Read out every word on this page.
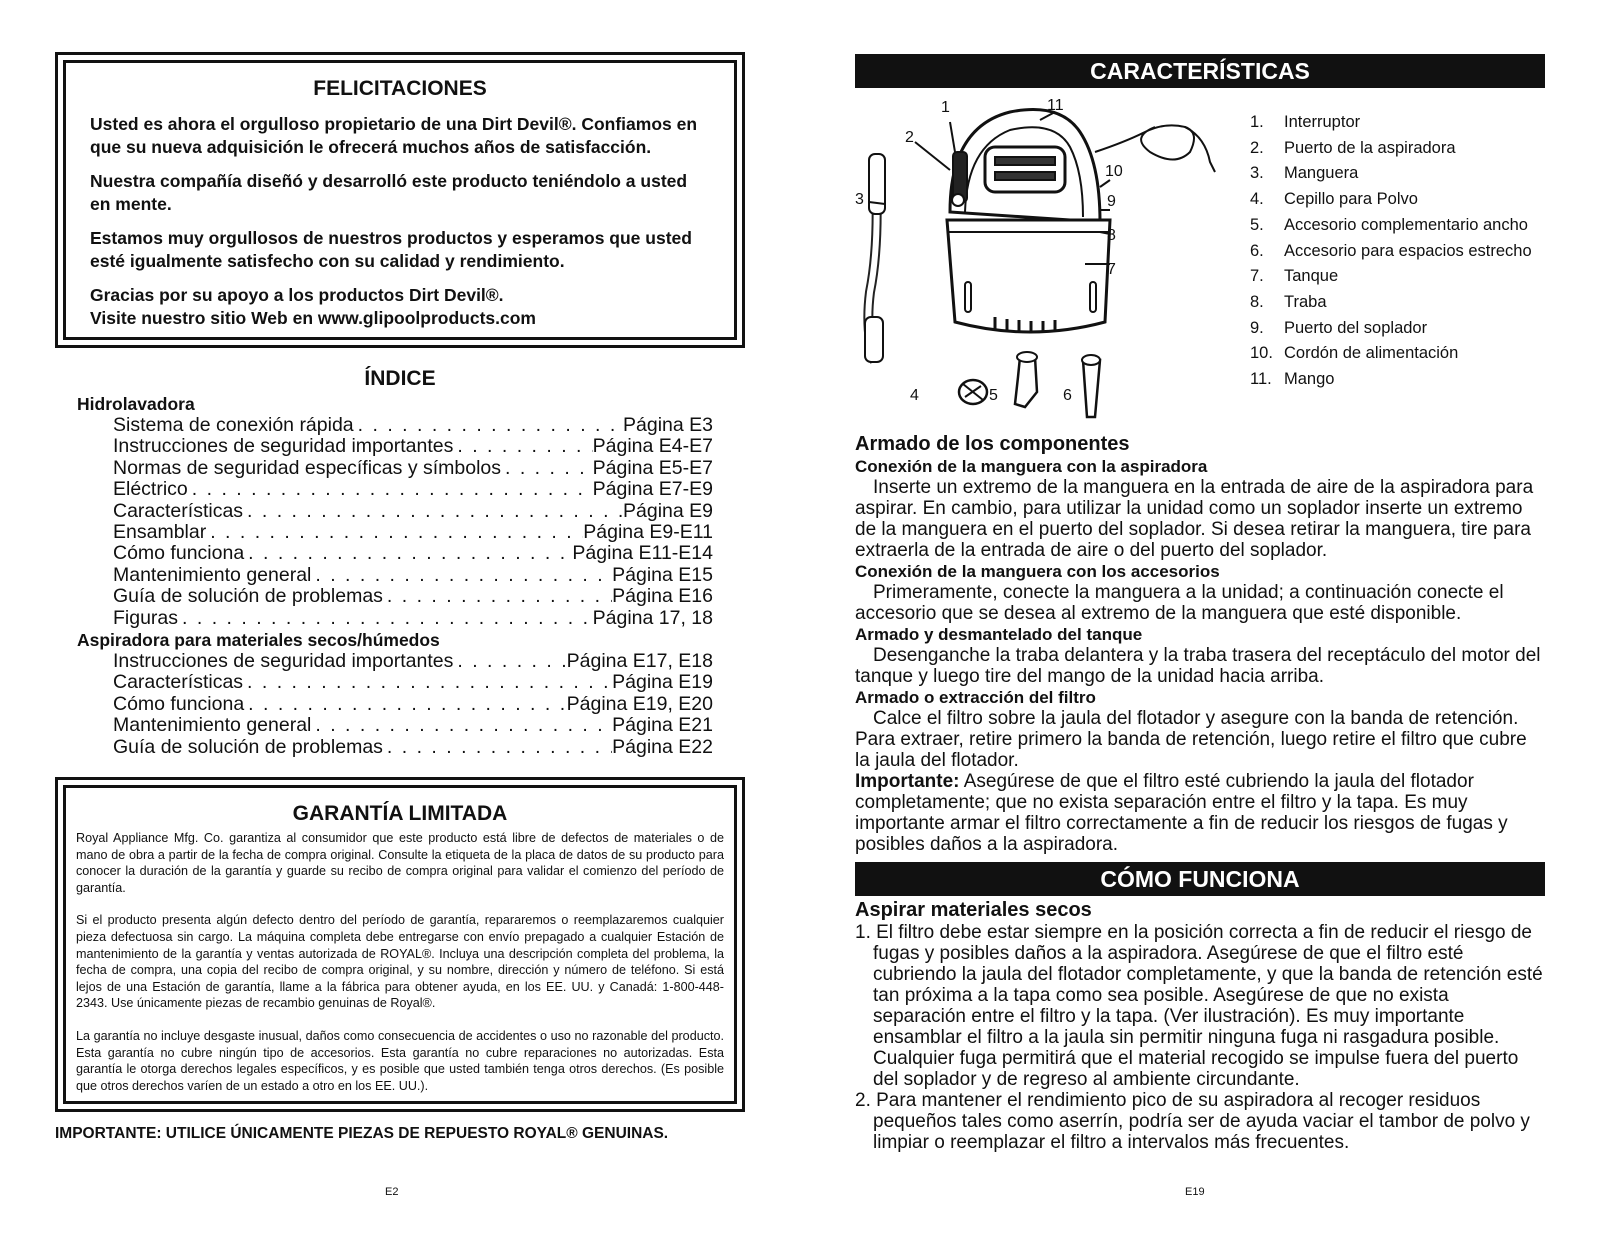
FELICITACIONES

Usted es ahora el orgulloso propietario de una Dirt Devil®. Confiamos en que su nueva adquisición le ofrecerá muchos años de satisfacción.

Nuestra compañía diseñó y desarrolló este producto teniéndolo a usted en mente.

Estamos muy orgullosos de nuestros productos y esperamos que usted esté igualmente satisfecho con su calidad y rendimiento.

Gracias por su apoyo a los productos Dirt Devil®.
Visite nuestro sitio Web en www.glipoolproducts.com

ÍNDICE
Hidrolavadora
Sistema de conexión rápida . . .	Página E3
Instrucciones de seguridad importantes . . .	Página E4-E7
Normas de seguridad específicas y símbolos . . .	Página E5-E7
Eléctrico . . .	Página E7-E9
Características . . .	Página E9
Ensamblar . . .	Página E9-E11
Cómo funciona . . .	Página E11-E14
Mantenimiento general . . .	Página E15
Guía de solución de problemas . . .	Página E16
Figuras . . .	Página 17, 18
Aspiradora para materiales secos/húmedos
Instrucciones de seguridad importantes . . .	Página E17, E18
Características . . .	Página E19
Cómo funciona . . .	Página E19, E20
Mantenimiento general . . .	Página E21
Guía de solución de problemas . . .	Página E22
GARANTÍA LIMITADA

Royal Appliance Mfg. Co. garantiza al consumidor que este producto está libre de defectos de materiales o de mano de obra a partir de la fecha de compra original. Consulte la etiqueta de la placa de datos de su producto para conocer la duración de la garantía y guarde su recibo de compra original para validar el comienzo del período de garantía.

Si el producto presenta algún defecto dentro del período de garantía, repararemos o reemplazaremos cualquier pieza defectuosa sin cargo. La máquina completa debe entregarse con envío prepagado a cualquier Estación de mantenimiento de la garantía y ventas autorizada de ROYAL®. Incluya una descripción completa del problema, la fecha de compra, una copia del recibo de compra original, y su nombre, dirección y número de teléfono. Si está lejos de una Estación de garantía, llame a la fábrica para obtener ayuda, en los EE. UU. y Canadá: 1-800-448-2343. Use únicamente piezas de recambio genuinas de Royal®.

La garantía no incluye desgaste inusual, daños como consecuencia de accidentes o uso no razonable del producto. Esta garantía no cubre ningún tipo de accesorios. Esta garantía no cubre reparaciones no autorizadas. Esta garantía le otorga derechos legales específicos, y es posible que usted también tenga otros derechos. (Es posible que otros derechos varíen de un estado a otro en los EE. UU.).

IMPORTANTE: UTILICE ÚNICAMENTE PIEZAS DE REPUESTO ROYAL® GENUINAS.
E2
CARACTERÍSTICAS
1
2
3
4	5	6
7
8
9
10
11
1.	Interruptor
2.	Puerto de la aspiradora
3.	Manguera
4.	Cepillo para Polvo
5.	Accesorio complementario ancho
6.	Accesorio para espacios estrecho
7.	Tanque
8.	Traba
9.	Puerto del soplador
10. Cordón de alimentación
11. Mango
Armado de los componentes
Conexión de la manguera con la aspiradora
Inserte un extremo de la manguera en la entrada de aire de la aspiradora para aspirar. En cambio, para utilizar la unidad como un soplador inserte un extremo de la manguera en el puerto del soplador. Si desea retirar la manguera, tire para extraerla de la entrada de aire o del puerto del soplador.
Conexión de la manguera con los accesorios
Primeramente, conecte la manguera a la unidad; a continuación conecte el accesorio que se desea al extremo de la manguera que esté disponible.
Armado y desmantelado del tanque
Desenganche la traba delantera y la traba trasera del receptáculo del motor del tanque y luego tire del mango de la unidad hacia arriba.
Armado o extracción del filtro
Calce el filtro sobre la jaula del flotador y asegure con la banda de retención. Para extraer, retire primero la banda de retención, luego retire el filtro que cubre la jaula del flotador.
Importante: Asegúrese de que el filtro esté cubriendo la jaula del flotador completamente; que no exista separación entre el filtro y la tapa. Es muy importante armar el filtro correctamente a fin de reducir los riesgos de fugas y posibles daños a la aspiradora.
CÓMO FUNCIONA
Aspirar materiales secos
1. El filtro debe estar siempre en la posición correcta a fin de reducir el riesgo de fugas y posibles daños a la aspiradora. Asegúrese de que el filtro esté cubriendo la jaula del flotador completamente, y que la banda de retención esté tan próxima a la tapa como sea posible. Asegúrese de que no exista separación entre el filtro y la tapa. (Ver ilustración). Es muy importante ensamblar el filtro a la jaula sin permitir ninguna fuga ni rasgadura posible. Cualquier fuga permitirá que el material recogido se impulse fuera del puerto del soplador y de regreso al ambiente circundante.
2. Para mantener el rendimiento pico de su aspiradora al recoger residuos pequeños tales como aserrín, podría ser de ayuda vaciar el tambor de polvo y limpiar o reemplazar el filtro a intervalos más frecuentes.
E19
